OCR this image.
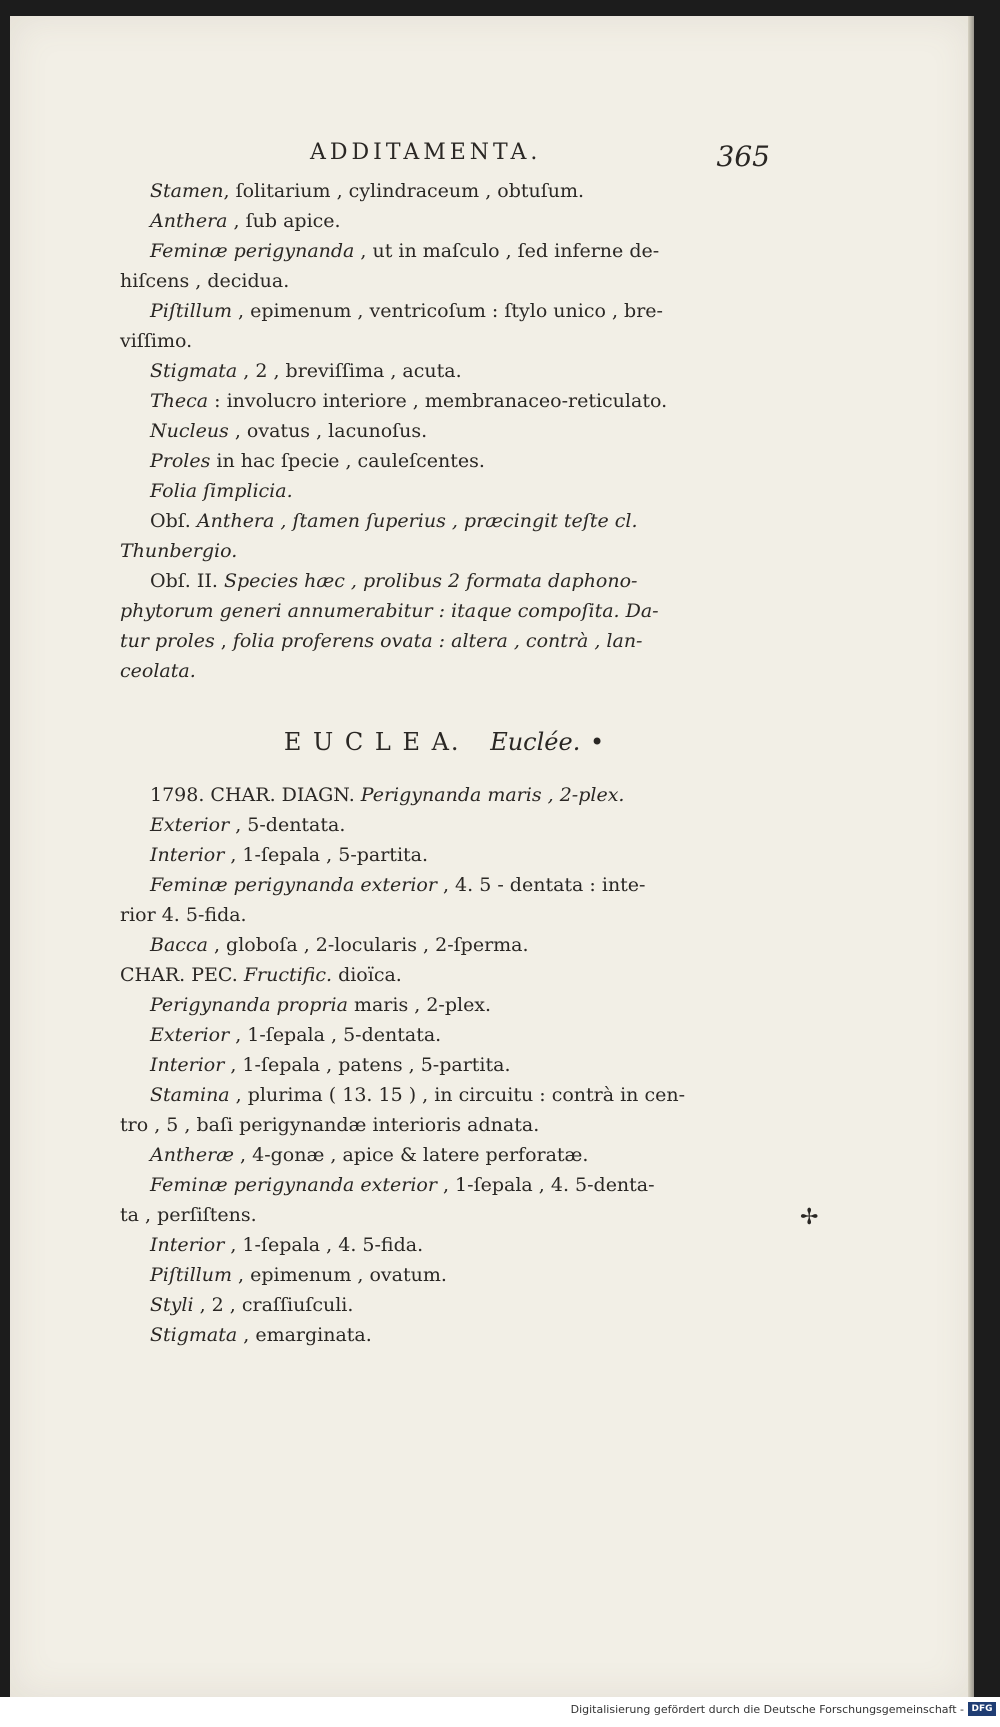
ADDITAMENTA.	365
Stamen, ſolitarium , cylindraceum , obtuſum.
Anthera , ſub apice.
Feminæ perigynanda , ut in maſculo , ſed inferne de-
hiſcens , decidua.
Piſtillum , epimenum , ventricoſum : ſtylo unico , bre-
viſſimo.
Stigmata , 2 , breviſſima , acuta.
Theca : involucro interiore , membranaceo-reticulato.
Nucleus , ovatus , lacunoſus.
Proles in hac ſpecie , cauleſcentes.
Folia ſimplicia.
Obſ. Anthera , ſtamen ſuperius , præcingit teſte cl.
Thunbergio.
Obſ. II. Species hæc , prolibus 2 formata daphono-
phytorum generi annumerabitur : itaque compoſita. Da-
tur proles , folia proferens ovata : altera , contrà , lan-
ceolata.
E U C L E A. Euclée. •
1798. CHAR. DIAGN. Perigynanda maris , 2-plex.
Exterior , 5-dentata.
Interior , 1-ſepala , 5-partita.
Feminæ perigynanda exterior , 4. 5 - dentata : inte-
rior 4. 5-fida.
Bacca , globoſa , 2-locularis , 2-ſperma.
CHAR. PEC. Fructific. dioïca.
Perigynanda propria maris , 2-plex.
Exterior , 1-ſepala , 5-dentata.
Interior , 1-ſepala , patens , 5-partita.
Stamina , plurima ( 13. 15 ) , in circuitu : contrà in cen-
tro , 5 , baſi perigynandæ interioris adnata.
Antheræ , 4-gonæ , apice & latere perforatæ.
Feminæ perigynanda exterior , 1-ſepala , 4. 5-denta-
ta , perſiſtens.
Interior , 1-ſepala , 4. 5-fida.
Piſtillum , epimenum , ovatum.
Styli , 2 , craſſiuſculi.
Stigmata , emarginata.
✢
Digitalisierung gefördert durch die Deutsche Forschungsgemeinschaft - DFG
